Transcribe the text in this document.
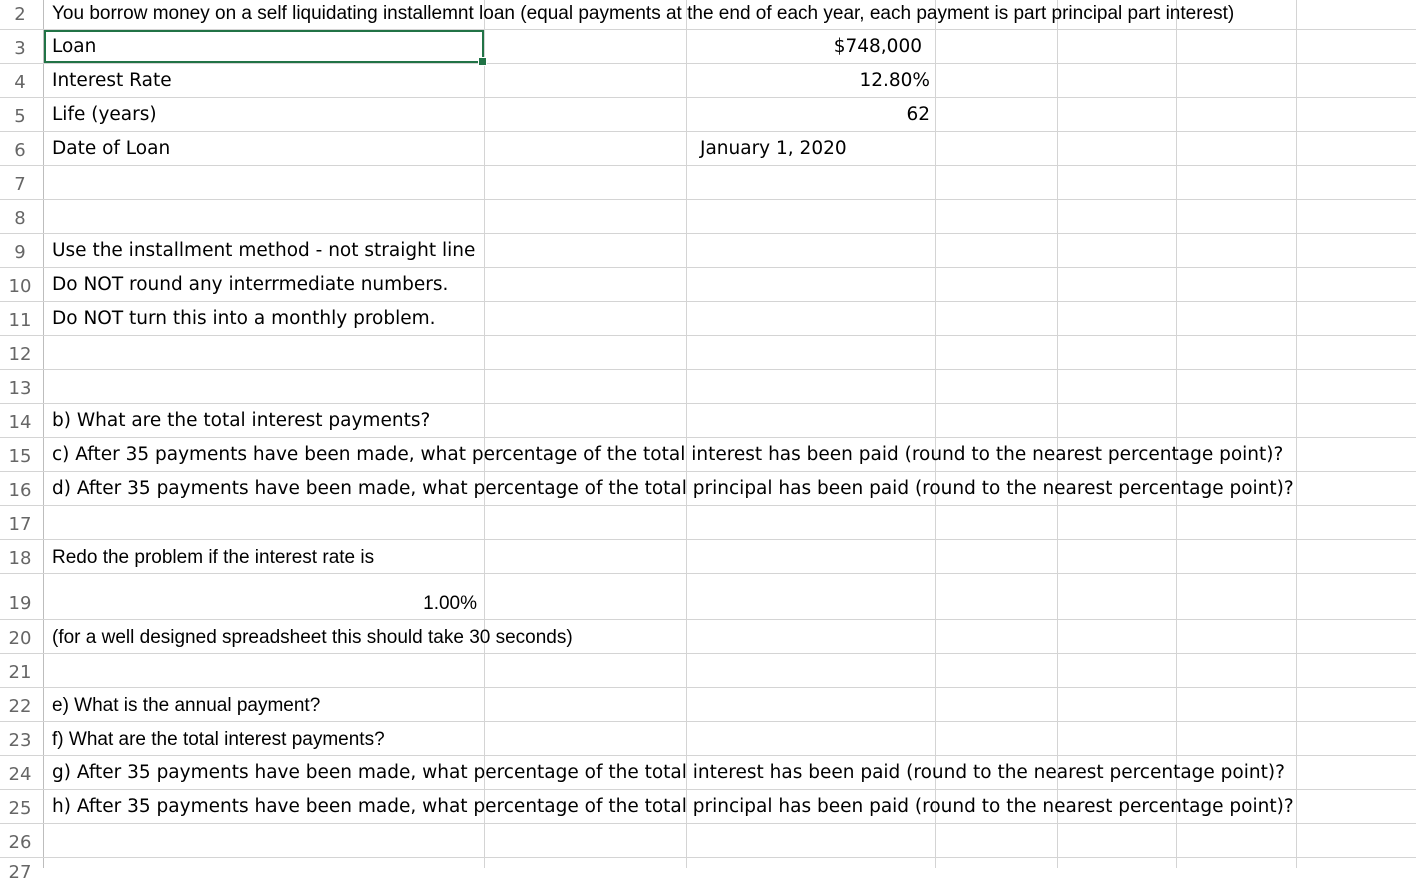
2
3
4
5
6
7
8
9
10
11
12
13
14
15
16
17
18
19
20
21
22
23
24
25
26
27
You borrow money on a self liquidating installemnt loan (equal payments at the end of each year, each payment is part principal part interest)
Loan	$748,000
Interest Rate	12.80%
Life (years)	62
Date of Loan	January 1, 2020
Use the installment method - not straight line
Do NOT round any interrmediate numbers.
Do NOT turn this into a monthly problem.
b) What are the total interest payments?
c) After 35 payments have been made, what percentage of the total interest has been paid (round to the nearest percentage point)?
d) After 35 payments have been made, what percentage of the total principal has been paid (round to the nearest percentage point)?
Redo the problem if the interest rate is
1.00%
(for a well designed spreadsheet this should take 30 seconds)
e) What is the annual payment?
f) What are the total interest payments?
g) After 35 payments have been made, what percentage of the total interest has been paid (round to the nearest percentage point)?
h) After 35 payments have been made, what percentage of the total principal has been paid (round to the nearest percentage point)?
